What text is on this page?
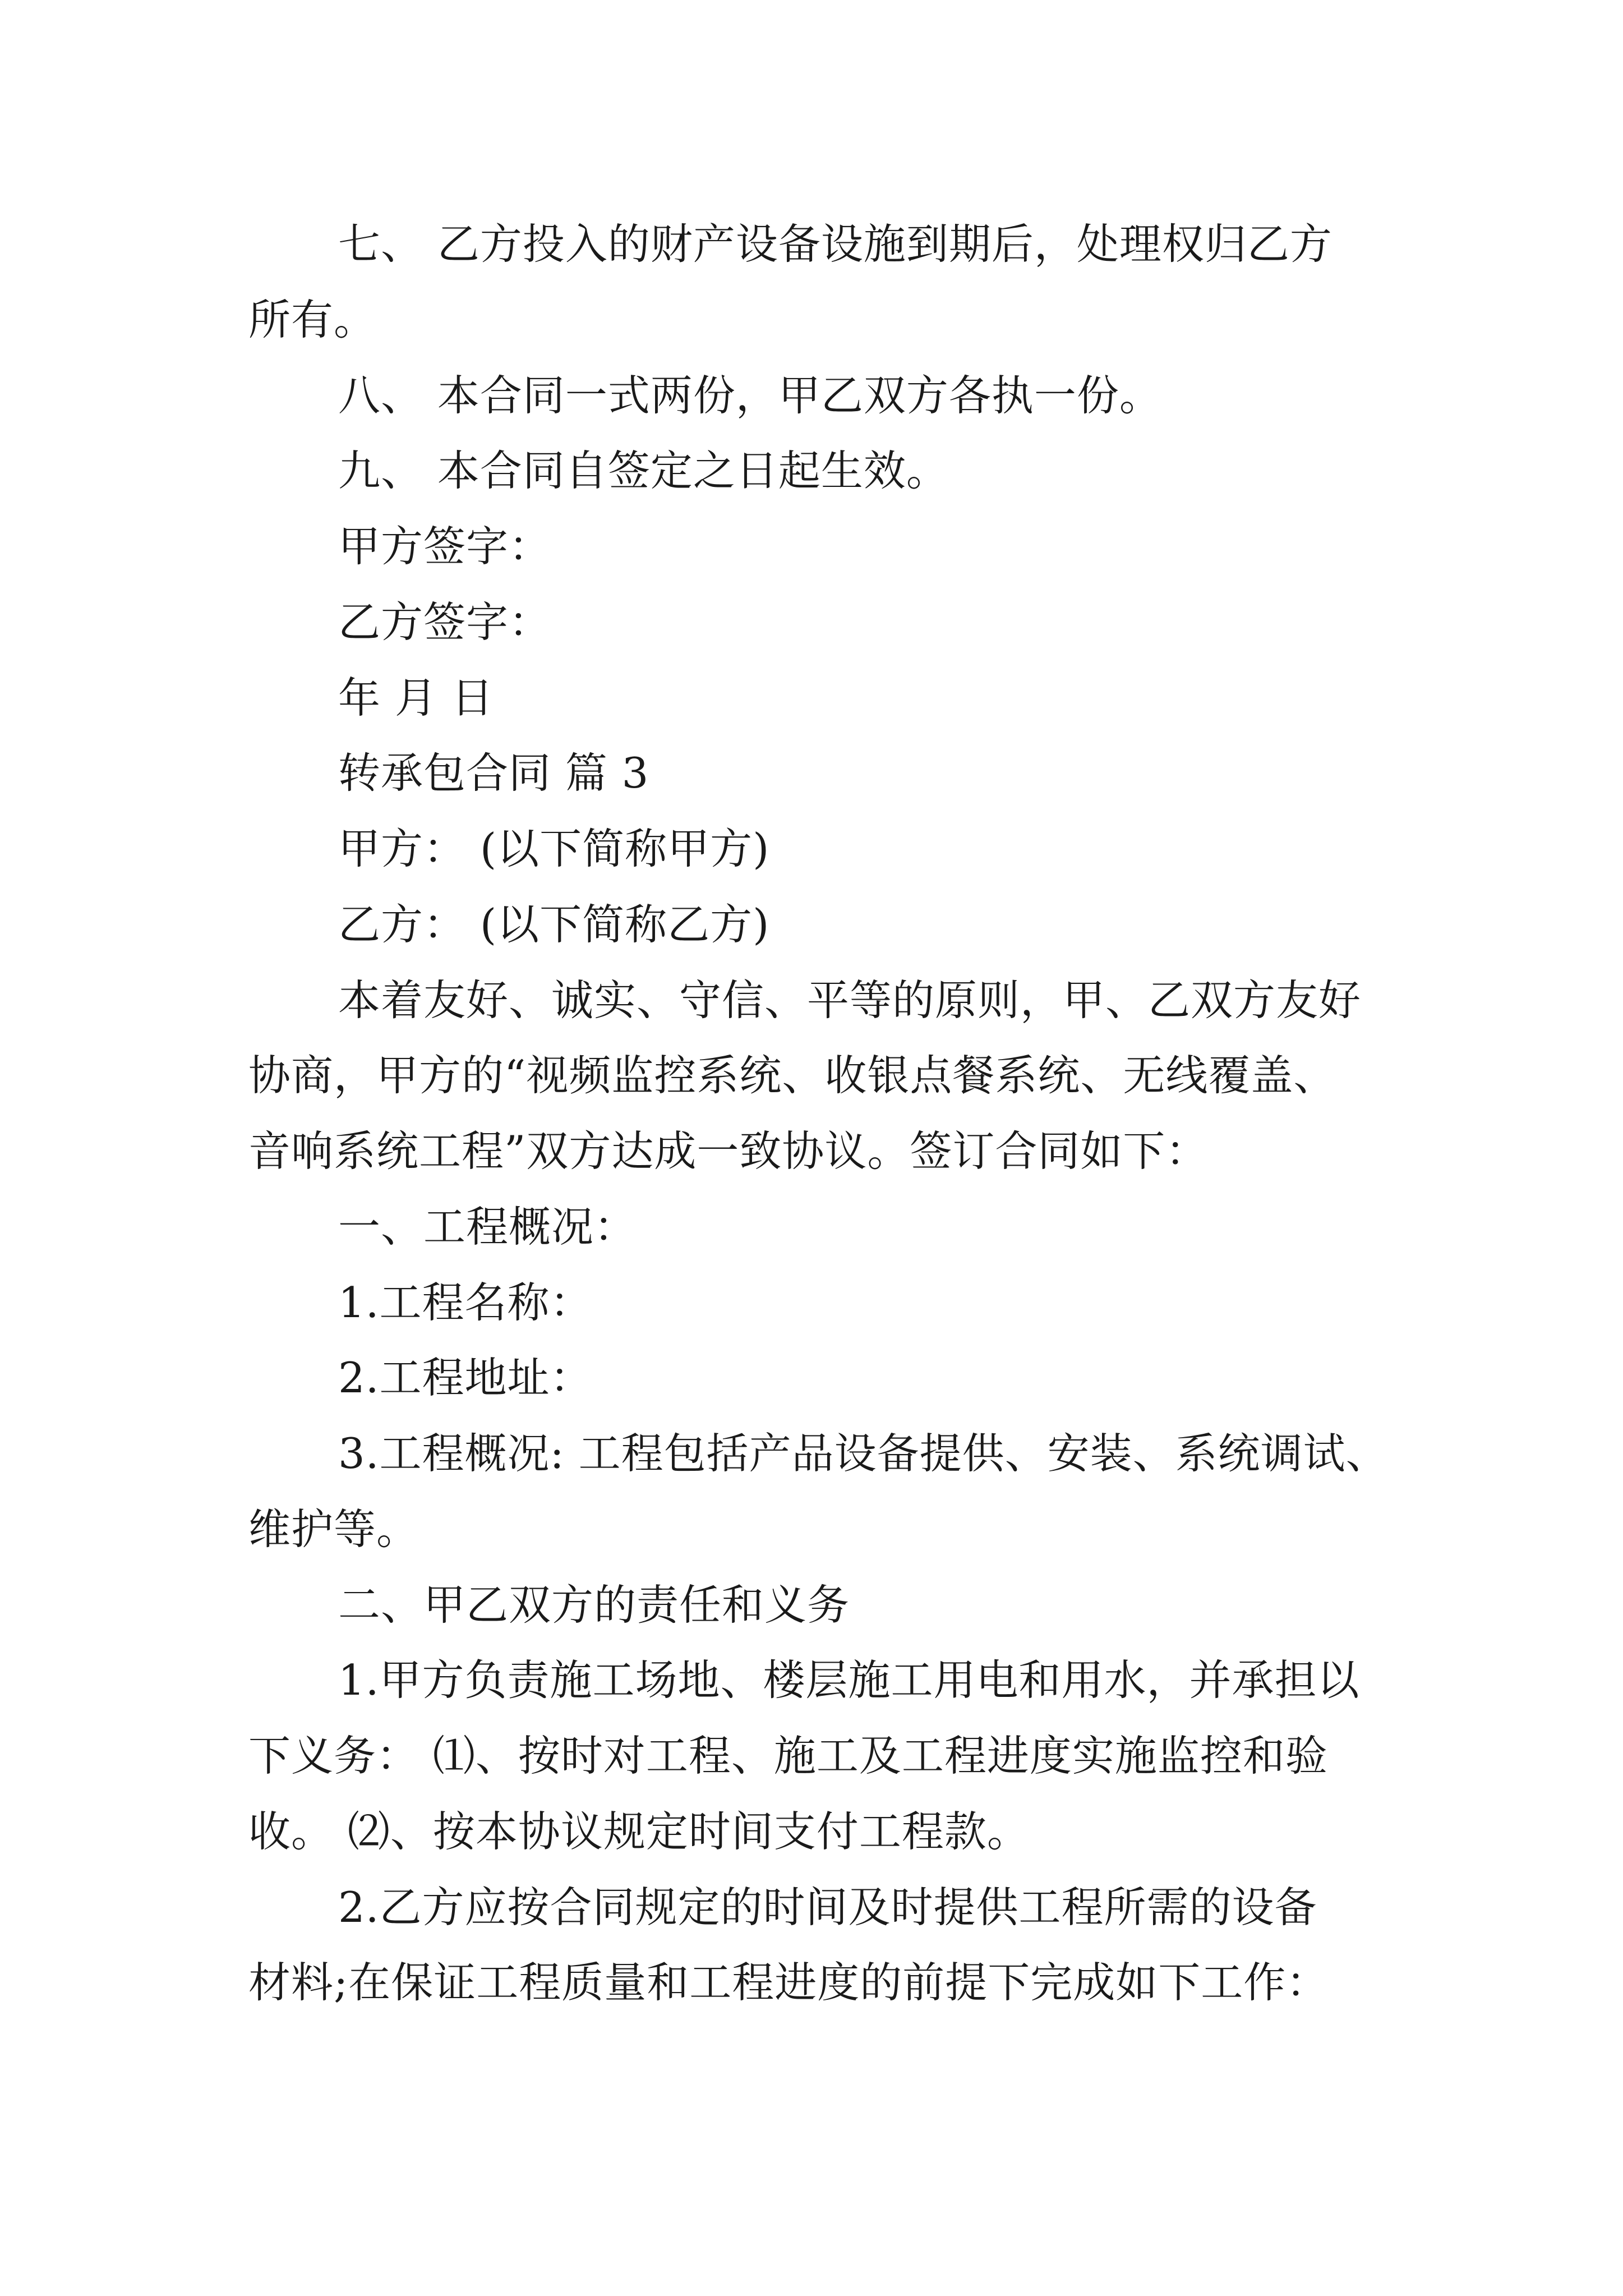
七、 乙方投入的财产设备设施到期后，处理权归乙方
所有。
八、 本合同一式两份，甲乙双方各执一份。
九、 本合同自签定之日起生效。
甲方签字：
乙方签字：
年 月 日
转承包合同 篇 3
甲方： (以下简称甲方)
乙方： (以下简称乙方)
本着友好、诚实、守信、平等的原则，甲、乙双方友好
协商，甲方的“视频监控系统、收银点餐系统、无线覆盖、
音响系统工程”双方达成一致协议。签订合同如下：
一、工程概况：
1.工程名称：
2.工程地址：
3.工程概况: 工程包括产品设备提供、安装、系统调试、
维护等。
二、甲乙双方的责任和义务
1.甲方负责施工场地、楼层施工用电和用水，并承担以
下义务： ⑴、按时对工程、施工及工程进度实施监控和验
收。 ⑵、按本协议规定时间支付工程款。
2.乙方应按合同规定的时间及时提供工程所需的设备
材料;在保证工程质量和工程进度的前提下完成如下工作：
